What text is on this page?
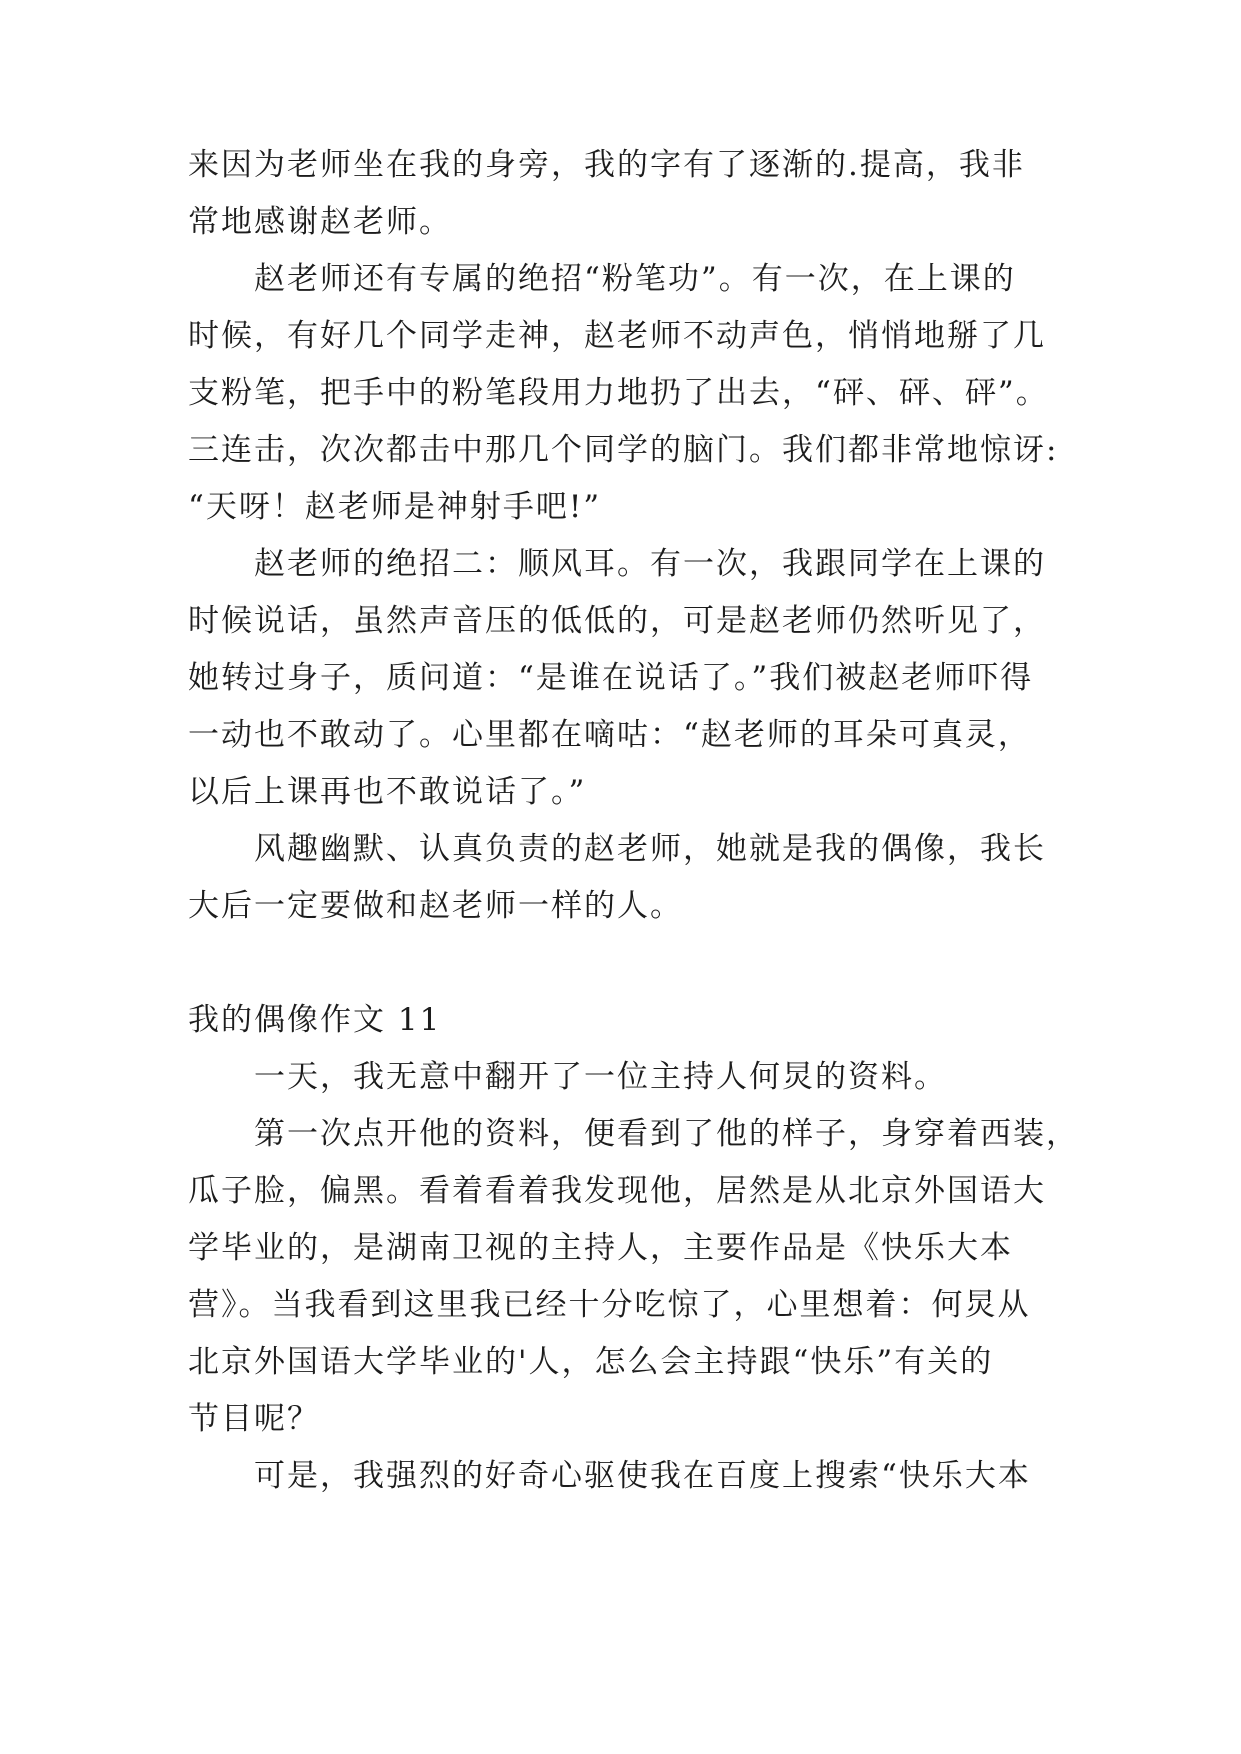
来因为老师坐在我的身旁，我的字有了逐渐的.提高，我非
常地感谢赵老师。
赵老师还有专属的绝招“粉笔功”。有一次，在上课的
时候，有好几个同学走神，赵老师不动声色，悄悄地掰了几
支粉笔，把手中的粉笔段用力地扔了出去，“砰、砰、砰”。
三连击，次次都击中那几个同学的脑门。我们都非常地惊讶:
“天呀！赵老师是神射手吧!”
赵老师的绝招二：顺风耳。有一次，我跟同学在上课的
时候说话，虽然声音压的低低的，可是赵老师仍然听见了，
她转过身子，质问道：“是谁在说话了。”我们被赵老师吓得
一动也不敢动了。心里都在嘀咕：“赵老师的耳朵可真灵，
以后上课再也不敢说话了。”
风趣幽默、认真负责的赵老师，她就是我的偶像，我长
大后一定要做和赵老师一样的人。
我的偶像作文 11
一天，我无意中翻开了一位主持人何炅的资料。
第一次点开他的资料，便看到了他的样子，身穿着西装，
瓜子脸，偏黑。看着看着我发现他，居然是从北京外国语大
学毕业的，是湖南卫视的主持人，主要作品是《快乐大本
营》。当我看到这里我已经十分吃惊了，心里想着：何炅从
北京外国语大学毕业的'人，怎么会主持跟“快乐”有关的
节目呢？
可是，我强烈的好奇心驱使我在百度上搜索“快乐大本
